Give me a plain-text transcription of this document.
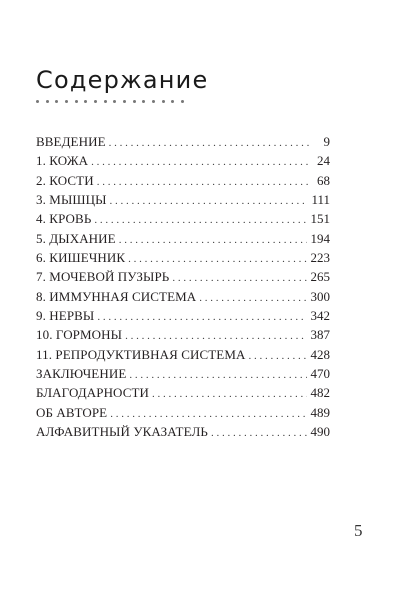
Содержание
ВВЕДЕНИЕ . . .	9
1. КОЖА . . .	24
2. КОСТИ . . .	68
3. МЫШЦЫ . . .	111
4. КРОВЬ . . .	151
5. ДЫХАНИЕ . . .	194
6. КИШЕЧНИК . . .	223
7. МОЧЕВОЙ ПУЗЫРЬ . . .	265
8. ИММУННАЯ СИСТЕМА . . .	300
9. НЕРВЫ . . .	342
10. ГОРМОНЫ . . .	387
11. РЕПРОДУКТИВНАЯ СИСТЕМА . . .	428
ЗАКЛЮЧЕНИЕ . . .	470
БЛАГОДАРНОСТИ . . .	482
ОБ АВТОРЕ . . .	489
АЛФАВИТНЫЙ УКАЗАТЕЛЬ . . .	490
5
